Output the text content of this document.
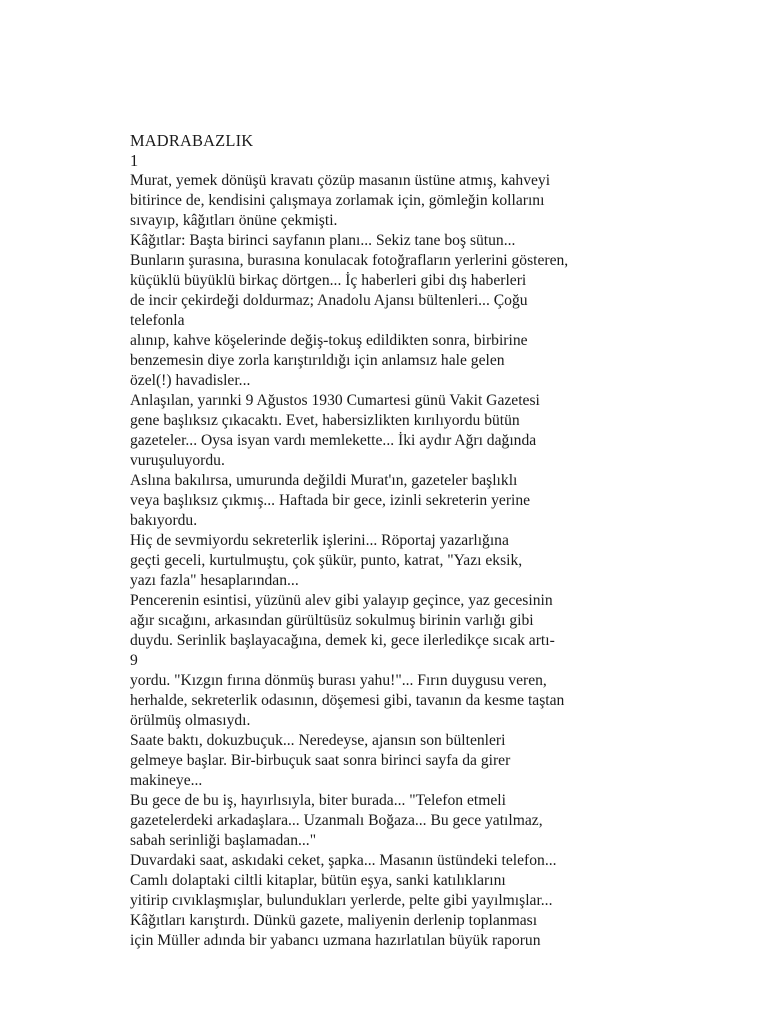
MADRABAZLIK
1
Murat, yemek dönüşü kravatı çözüp masanın üstüne atmış, kahveyi
bitirince de, kendisini çalışmaya zorlamak için, gömleğin kollarını
sıvayıp, kâğıtları önüne çekmişti.
Kâğıtlar: Başta birinci sayfanın planı... Sekiz tane boş sütun...
Bunların şurasına, burasına konulacak fotoğrafların yerlerini gösteren,
küçüklü büyüklü birkaç dörtgen... İç haberleri gibi dış haberleri
de incir çekirdeği doldurmaz; Anadolu Ajansı bültenleri... Çoğu
telefonla
alınıp, kahve köşelerinde değiş-tokuş edildikten sonra, birbirine
benzemesin diye zorla karıştırıldığı için anlamsız hale gelen
özel(!) havadisler...
Anlaşılan, yarınki 9 Ağustos 1930 Cumartesi günü Vakit Gazetesi
gene başlıksız çıkacaktı. Evet, habersizlikten kırılıyordu bütün
gazeteler... Oysa isyan vardı memlekette... İki aydır Ağrı dağında
vuruşuluyordu.
Aslına bakılırsa, umurunda değildi Murat'ın, gazeteler başlıklı
veya başlıksız çıkmış... Haftada bir gece, izinli sekreterin yerine
bakıyordu.
Hiç de sevmiyordu sekreterlik işlerini... Röportaj yazarlığına
geçti geceli, kurtulmuştu, çok şükür, punto, katrat, "Yazı eksik,
yazı fazla" hesaplarından...
Pencerenin esintisi, yüzünü alev gibi yalayıp geçince, yaz gecesinin
ağır sıcağını, arkasından gürültüsüz sokulmuş birinin varlığı gibi
duydu. Serinlik başlayacağına, demek ki, gece ilerledikçe sıcak artı-
9
yordu. "Kızgın fırına dönmüş burası yahu!"... Fırın duygusu veren,
herhalde, sekreterlik odasının, döşemesi gibi, tavanın da kesme taştan
örülmüş olmasıydı.
Saate baktı, dokuzbuçuk... Neredeyse, ajansın son bültenleri
gelmeye başlar. Bir-birbuçuk saat sonra birinci sayfa da girer
makineye...
Bu gece de bu iş, hayırlısıyla, biter burada... "Telefon etmeli
gazetelerdeki arkadaşlara... Uzanmalı Boğaza... Bu gece yatılmaz,
sabah serinliği başlamadan..."
Duvardaki saat, askıdaki ceket, şapka... Masanın üstündeki telefon...
Camlı dolaptaki ciltli kitaplar, bütün eşya, sanki katılıklarını
yitirip cıvıklaşmışlar, bulundukları yerlerde, pelte gibi yayılmışlar...
Kâğıtları karıştırdı. Dünkü gazete, maliyenin derlenip toplanması
için Müller adında bir yabancı uzmana hazırlatılan büyük raporun
